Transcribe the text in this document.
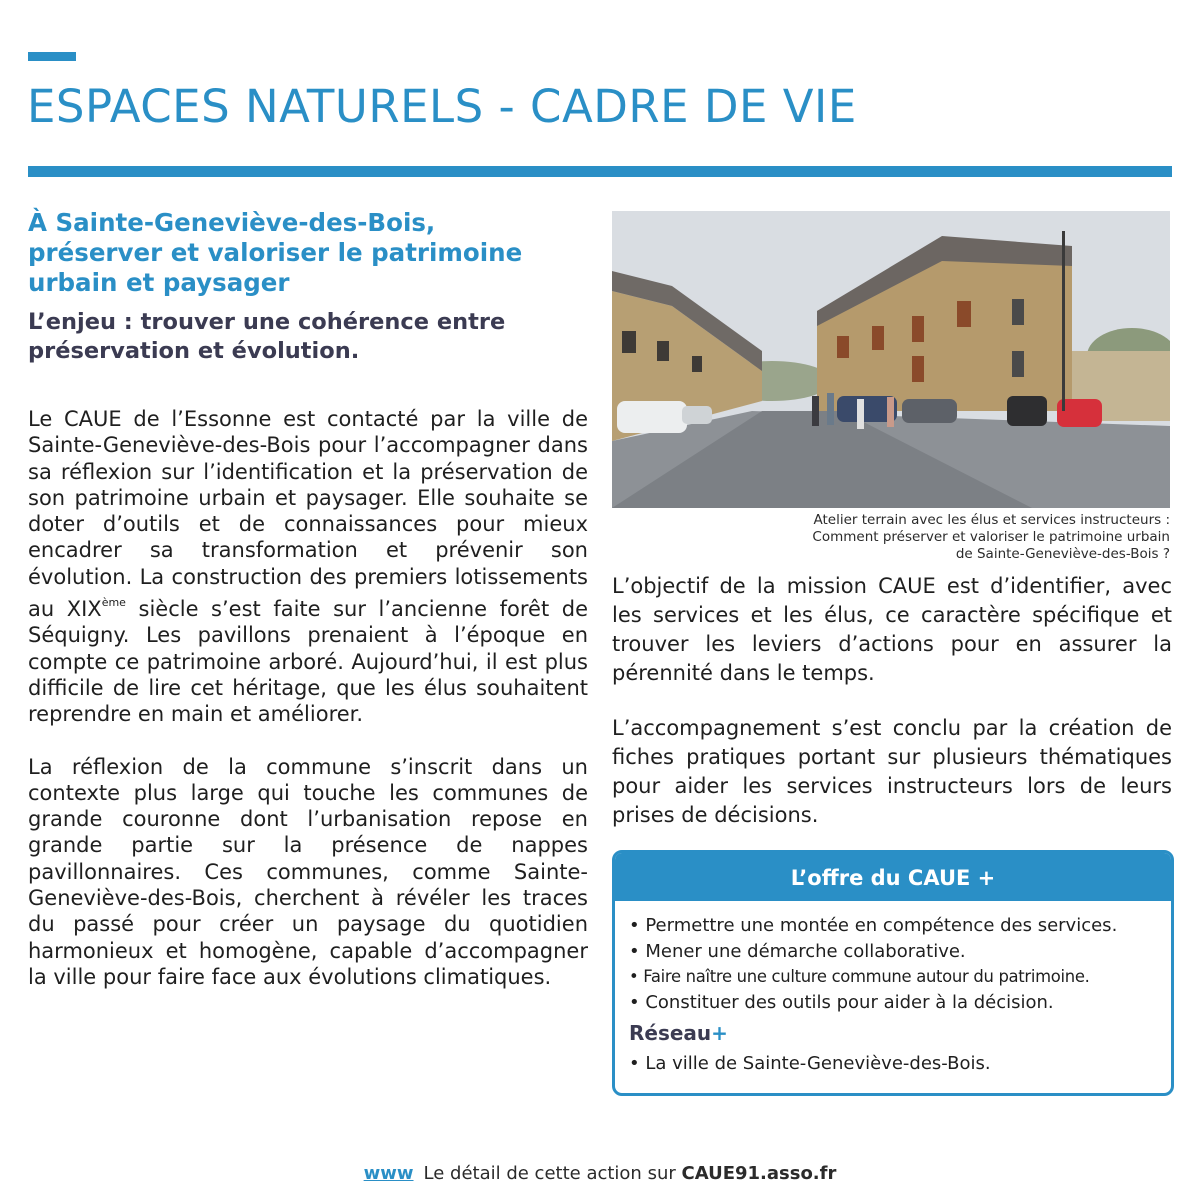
ESPACES NATURELS - CADRE DE VIE
À Sainte-Geneviève-des-Bois,
préserver et valoriser le patrimoine
urbain et paysager

L’enjeu : trouver une cohérence entre
préservation et évolution.

Le CAUE de l’Essonne est contacté par la ville de Sainte-Geneviève-des-Bois pour l’accompagner dans sa réflexion sur l’identification et la préservation de son patrimoine urbain et paysager. Elle souhaite se doter d’outils et de connaissances pour mieux encadrer sa transformation et prévenir son évolution. La construction des premiers lotissements au XIXème siècle s’est faite sur l’ancienne forêt de Séquigny. Les pavillons prenaient à l’époque en compte ce patrimoine arboré. Aujourd’hui, il est plus difficile de lire cet héritage, que les élus souhaitent reprendre en main et améliorer.

La réflexion de la commune s’inscrit dans un contexte plus large qui touche les communes de grande couronne dont l’urbanisation repose en grande partie sur la présence de nappes pavillonnaires. Ces communes, comme Sainte-Geneviève-des-Bois, cherchent à révéler les traces du passé pour créer un paysage du quotidien harmonieux et homogène, capable d’accompagner la ville pour faire face aux évolutions climatiques.

Atelier terrain avec les élus et services instructeurs :
Comment préserver et valoriser le patrimoine urbain
de Sainte-Geneviève-des-Bois ?

L’objectif de la mission CAUE est d’identifier, avec les services et les élus, ce caractère spécifique et trouver les leviers d’actions pour en assurer la pérennité dans le temps.

L’accompagnement s’est conclu par la création de fiches pratiques portant sur plusieurs thématiques pour aider les services instructeurs lors de leurs prises de décisions.

L’offre du CAUE +
• Permettre une montée en compétence des services.
• Mener une démarche collaborative.
• Faire naître une culture commune autour du patrimoine.
• Constituer des outils pour aider à la décision.
Réseau+
• La ville de Sainte-Geneviève-des-Bois.
www Le détail de cette action sur CAUE91.asso.fr
